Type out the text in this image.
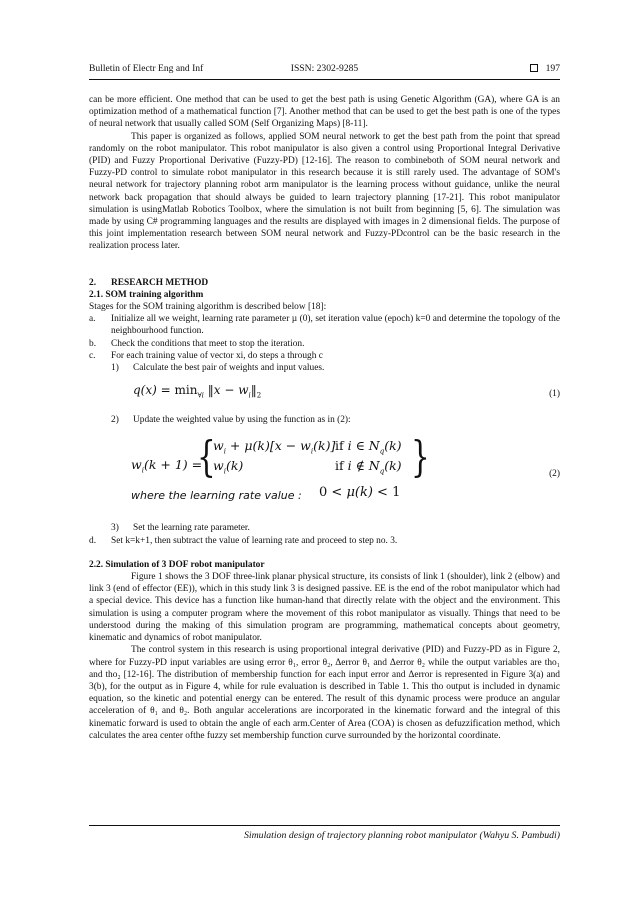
Bulletin of Electr Eng and Inf	ISSN: 2302-9285	197

can be more efficient. One method that can be used to get the best path is using Genetic Algorithm (GA), where GA is an optimization method of a mathematical function [7]. Another method that can be used to get the best path is one of the types of neural network that usually called SOM (Self Organizing Maps) [8-11].

This paper is organized as follows, applied SOM neural network to get the best path from the point that spread randomly on the robot manipulator. This robot manipulator is also given a control using Proportional Integral Derivative (PID) and Fuzzy Proportional Derivative (Fuzzy-PD) [12-16]. The reason to combineboth of SOM neural network and Fuzzy-PD control to simulate robot manipulator in this research because it is still rarely used. The advantage of SOM's neural network for trajectory planning robot arm manipulator is the learning process without guidance, unlike the neural network back propagation that should always be guided to learn trajectory planning [17-21]. This robot manipulator simulation is usingMatlab Robotics Toolbox, where the simulation is not built from beginning [5, 6]. The simulation was made by using C# programming languages and the results are displayed with images in 2 dimensional fields. The purpose of this joint implementation research between SOM neural network and Fuzzy-PDcontrol can be the basic research in the realization process later.

2.	RESEARCH METHOD

2.1. SOM training algorithm

Stages for the SOM training algorithm is described below [18]:

a.	Initialize all we weight, learning rate parameter µ (0), set iteration value (epoch) k=0 and determine the topology of the neighbourhood function.
b.	Check the conditions that meet to stop the iteration.
c.	For each training value of vector xi, do steps a through c
1)	Calculate the best pair of weights and input values.
$q(x) = \min_{\forall i}$ ‖x − $w_i‖_2$	(1)
2)	Update the weighted value by using the function as in (2):
$w_i(k + 1)$ =
{
$w_i + \mu(k)[x - w_i(k)]$ if i ∈ $N_q(k)$
$w_i(k)$	if i ∉ $N_q(k)$ }
where the learning rate value : 0 < μ(k) < 1
(2)
3)	Set the learning rate parameter.
d.	Set k=k+1, then subtract the value of learning rate and proceed to step no. 3.

2.2. Simulation of 3 DOF robot manipulator

Figure 1 shows the 3 DOF three-link planar physical structure, its consists of link 1 (shoulder), link 2 (elbow) and link 3 (end of effector (EE)), which in this study link 3 is designed passive. EE is the end of the robot manipulator which had a special device. This device has a function like human-hand that directly relate with the object and the environment. This simulation is using a computer program where the movement of this robot manipulator as visually. Things that need to be understood during the making of this simulation program are programming, mathematical concepts about geometry, kinematic and dynamics of robot manipulator.

The control system in this research is using proportional integral derivative (PID) and Fuzzy-PD as in Figure 2, where for Fuzzy-PD input variables are using error θ₁, error θ₂, Δerror θ₁ and Δerror θ₂ while the output variables are tho₁ and tho₂ [12-16]. The distribution of membership function for each input error and Δerror is represented in Figure 3(a) and 3(b), for the output as in Figure 4, while for rule evaluation is described in Table 1. This tho output is included in dynamic equation, so the kinetic and potential energy can be entered. The result of this dynamic process were produce an angular acceleration of θ₁ and θ₂. Both angular accelerations are incorporated in the kinematic forward and the integral of this kinematic forward is used to obtain the angle of each arm.Center of Area (COA) is chosen as defuzzification method, which calculates the area center ofthe fuzzy set membership function curve surrounded by the horizontal coordinate.

Simulation design of trajectory planning robot manipulator (Wahyu S. Pambudi)
